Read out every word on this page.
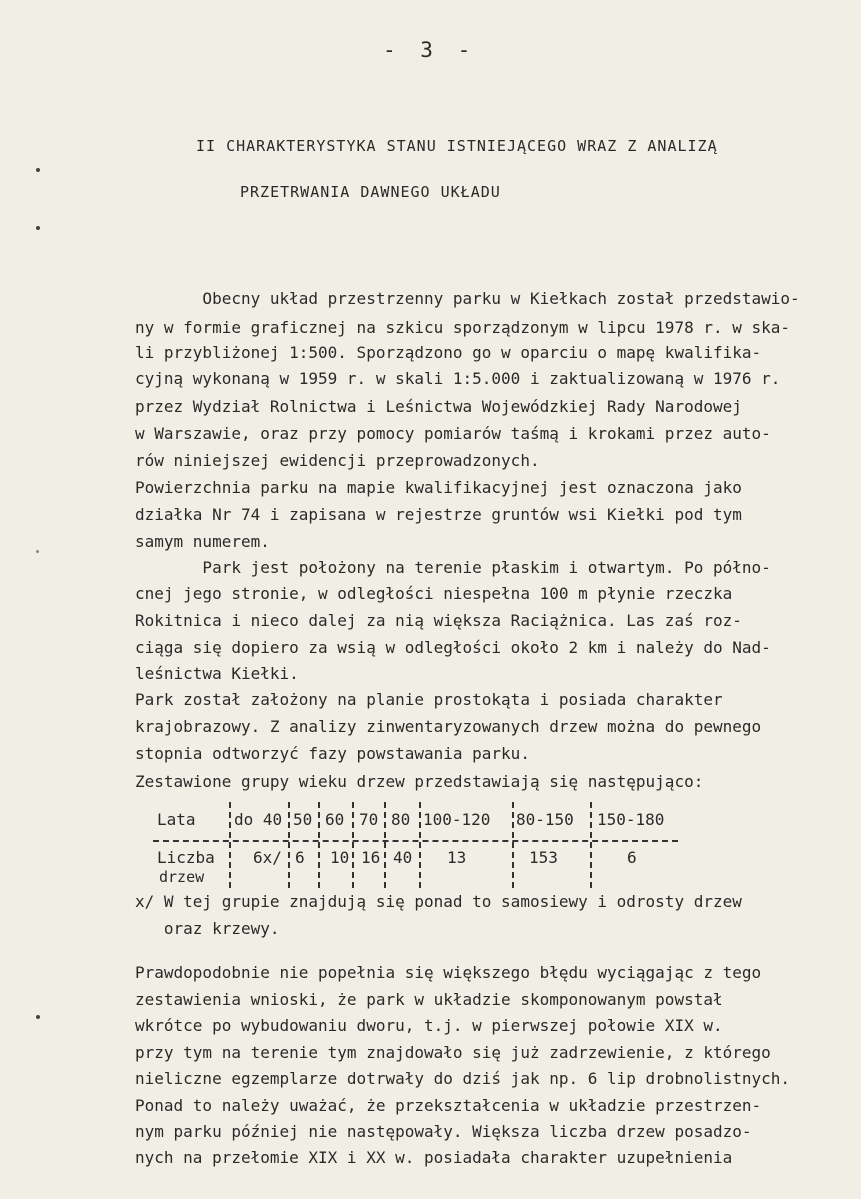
- 3 -
II CHARAKTERYSTYKA STANU ISTNIEJĄCEGO WRAZ Z ANALIZĄ
PRZETRWANIA DAWNEGO UKŁADU
Obecny układ przestrzenny parku w Kiełkach został przedstawio-
ny w formie graficznej na szkicu sporządzonym w lipcu 1978 r. w ska-
li przybliżonej 1:500. Sporządzono go w oparciu o mapę kwalifika-
cyjną wykonaną w 1959 r. w skali 1:5.000 i zaktualizowaną w 1976 r.
przez Wydział Rolnictwa i Leśnictwa Wojewódzkiej Rady Narodowej
w Warszawie, oraz przy pomocy pomiarów taśmą i krokami przez auto-
rów niniejszej ewidencji przeprowadzonych.
Powierzchnia parku na mapie kwalifikacyjnej jest oznaczona jako
działka Nr 74 i zapisana w rejestrze gruntów wsi Kiełki pod tym
samym numerem.
Park jest położony na terenie płaskim i otwartym. Po półno-
cnej jego stronie, w odległości niespełna 100 m płynie rzeczka
Rokitnica i nieco dalej za nią większa Raciążnica. Las zaś roz-
ciąga się dopiero za wsią w odległości około 2 km i należy do Nad-
leśnictwa Kiełki.
Park został założony na planie prostokąta i posiada charakter
krajobrazowy. Z analizy zinwentaryzowanych drzew można do pewnego
stopnia odtworzyć fazy powstawania parku.
Zestawione grupy wieku drzew przedstawiają się następująco:
Lata do 40 50 60 70 80 100-120 80-150 150-180
Liczba
drzew
6x/ 6 10 16 40 13	153	6
x/ W tej grupie znajdują się ponad to samosiewy i odrosty drzew
oraz krzewy.
Prawdopodobnie nie popełnia się większego błędu wyciągając z tego
zestawienia wnioski, że park w układzie skomponowanym powstał
wkrótce po wybudowaniu dworu, t.j. w pierwszej połowie XIX w.
przy tym na terenie tym znajdowało się już zadrzewienie, z którego
nieliczne egzemplarze dotrwały do dziś jak np. 6 lip drobnolistnych.
Ponad to należy uważać, że przekształcenia w układzie przestrzen-
nym parku później nie następowały. Większa liczba drzew posadzo-
nych na przełomie XIX i XX w. posiadała charakter uzupełnienia
